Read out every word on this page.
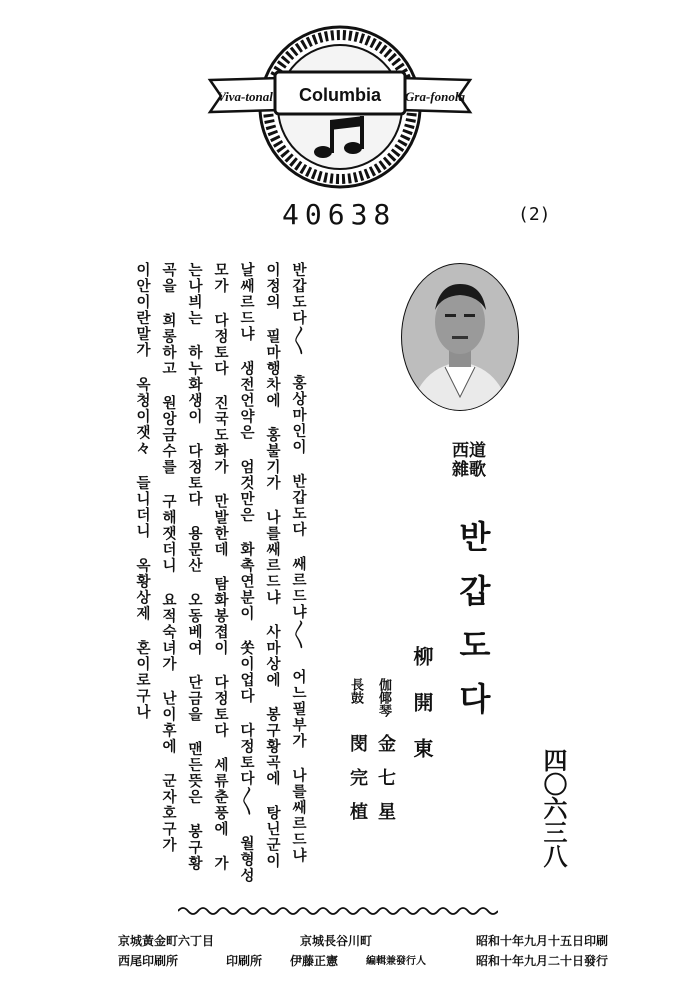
Viva-tonal Columbia Gra-fonola
40638	(2)
반갑도다〳〵 홍상마인이 반갑도다 쌔르드냐〳〵 어느필부가 나를쌔르드냐
이정의 필마행차에 홍불기가 나를쌔르드냐 사마상에 봉구황곡에 탕닌군이
날쌔르드냐 생전언약은 엄것만은 화촉연분이 쏫이업다 다정토다〳〵 월형성
모가 다정토다 진국도화가 만발한데 탐화봉졉이 다정토다 세류춘풍에 가
는나븨는 하누화생이 다정토다 용문산 오동베여 단금을 맨든뜻은 봉구황
곡을 희롱하고 원앙금수를 구해잿더니 요적숙녀가 난이후에 군자호구가
이안이란말가 옥청이잿々 들니더니 옥황상제 혼이로구나	西道
雜歌
반갑도다
柳開東
伽倻琴
金七星
長鼓
閔完植	四〇六三八
昭和十年九月十五日印刷
昭和十年九月二十日發行
京城長谷川町
編輯兼發行人
伊藤正憲
京城黃金町六丁目
印刷所
西尾印刷所
